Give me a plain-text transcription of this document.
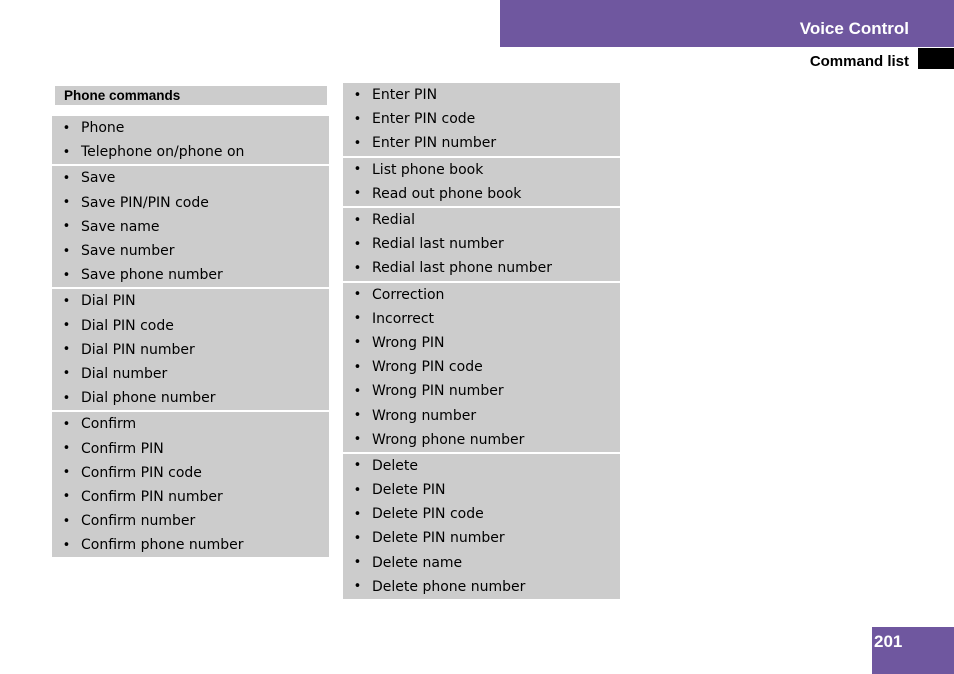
Voice Control
Command list
Phone commands
• Phone
• Telephone on/phone on
• Save
• Save PIN/PIN code
• Save name
• Save number
• Save phone number
• Dial PIN
• Dial PIN code
• Dial PIN number
• Dial number
• Dial phone number
• Confirm
• Confirm PIN
• Confirm PIN code
• Confirm PIN number
• Confirm number
• Confirm phone number
• Enter PIN
• Enter PIN code
• Enter PIN number
• List phone book
• Read out phone book
• Redial
• Redial last number
• Redial last phone number
• Correction
• Incorrect
• Wrong PIN
• Wrong PIN code
• Wrong PIN number
• Wrong number
• Wrong phone number
• Delete
• Delete PIN
• Delete PIN code
• Delete PIN number
• Delete name
• Delete phone number
201
